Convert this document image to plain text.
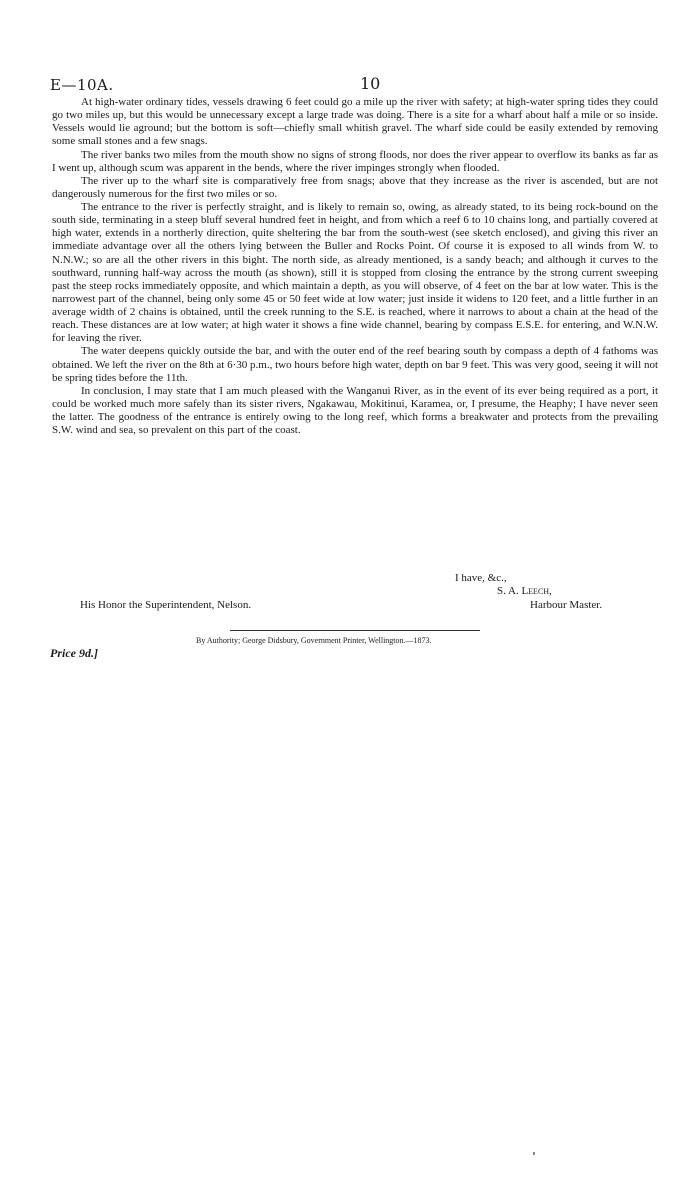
E—10A.	10

At high-water ordinary tides, vessels drawing 6 feet could go a mile up the river with safety; at high-water spring tides they could go two miles up, but this would be unnecessary except a large trade was doing. There is a site for a wharf about half a mile or so inside. Vessels would lie aground; but the bottom is soft—chiefly small whitish gravel. The wharf side could be easily extended by removing some small stones and a few snags.

The river banks two miles from the mouth show no signs of strong floods, nor does the river appear to overflow its banks as far as I went up, although scum was apparent in the bends, where the river impinges strongly when flooded.

The river up to the wharf site is comparatively free from snags; above that they increase as the river is ascended, but are not dangerously numerous for the first two miles or so.

The entrance to the river is perfectly straight, and is likely to remain so, owing, as already stated, to its being rock-bound on the south side, terminating in a steep bluff several hundred feet in height, and from which a reef 6 to 10 chains long, and partially covered at high water, extends in a northerly direction, quite sheltering the bar from the south-west (see sketch enclosed), and giving this river an immediate advantage over all the others lying between the Buller and Rocks Point. Of course it is exposed to all winds from W. to N.N.W.; so are all the other rivers in this bight. The north side, as already mentioned, is a sandy beach; and although it curves to the southward, running half-way across the mouth (as shown), still it is stopped from closing the entrance by the strong current sweeping past the steep rocks immediately opposite, and which maintain a depth, as you will observe, of 4 feet on the bar at low water. This is the narrowest part of the channel, being only some 45 or 50 feet wide at low water; just inside it widens to 120 feet, and a little further in an average width of 2 chains is obtained, until the creek running to the S.E. is reached, where it narrows to about a chain at the head of the reach. These distances are at low water; at high water it shows a fine wide channel, bearing by compass E.S.E. for entering, and W.N.W. for leaving the river.

The water deepens quickly outside the bar, and with the outer end of the reef bearing south by compass a depth of 4 fathoms was obtained. We left the river on the 8th at 6·30 p.m., two hours before high water, depth on bar 9 feet. This was very good, seeing it will not be spring tides before the 11th.

In conclusion, I may state that I am much pleased with the Wanganui River, as in the event of its ever being required as a port, it could be worked much more safely than its sister rivers, Ngakawau, Mokitinui, Karamea, or, I presume, the Heaphy; I have never seen the latter. The goodness of the entrance is entirely owing to the long reef, which forms a breakwater and protects from the prevailing S.W. wind and sea, so prevalent on this part of the coast.

I have, &c.,
S. A. Leech,
His Honor the Superintendent, Nelson.	Harbour Master.
By Authority; George Didsbury, Government Printer, Wellington.—1873.
Price 9d.]
